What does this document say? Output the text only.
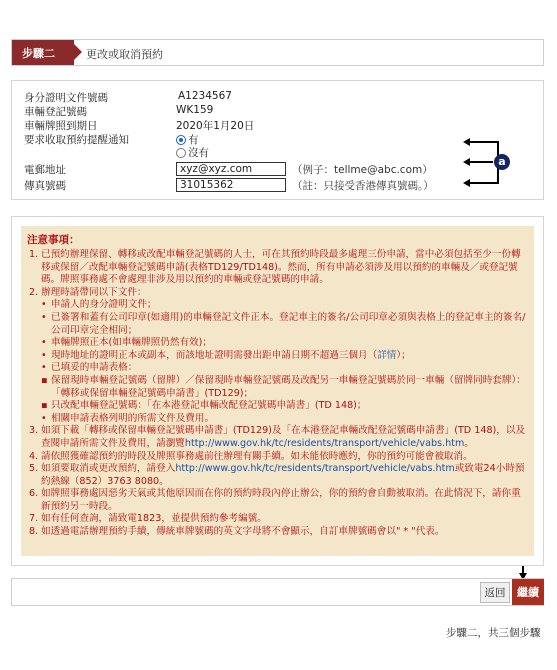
步驟二	更改或取消預約
身分證明文件號碼	A1234567
車輛登記號碼	WK159
車輛牌照到期日	2020年1月20日
要求收取預約提醒通知	有
沒有
電郵地址	xyz@xyz.com	（例子：tellme@abc.com）
傳真號碼	31015362	（註：只接受香港傳真號碼。）
a
注意事項：
1. 已預約辦理保留、轉移或改配車輛登記號碼的人士，可在其預約時段最多處理三份申請，當中必須包括至少一份轉移或保留／改配車輛登記號碼申請(表格TD129/TD148)。然而，所有申請必須涉及用以預約的車輛及／或登記號碼。牌照事務處不會處理非涉及用以預約的車輛或登記號碼的申請。
2. 辦理時請帶同以下文件：
• 申請人的身分證明文件；
• 已簽署和蓋有公司印章(如適用)的車輛登記文件正本。登記車主的簽名/公司印章必須與表格上的登記車主的簽名/公司印章完全相同；
• 車輛牌照正本(如車輛牌照仍然有效)；
• 現時地址的證明正本或副本，而該地址證明需發出距申請日期不超過三個月（詳情）；
• 已填妥的申請表格：
▪ 保留現時車輛登記號碼（留牌）／保留現時車輛登記號碼及改配另一車輛登記號碼於同一車輛（留牌同時套牌）：「轉移或保留車輛登記號碼申請書」(TD129)；
▪ 只改配車輛登記號碼：「在本港登記車輛改配登記號碼申請書」(TD 148)；
• 相關申請表格列明的所需文件及費用。
3. 如須下載「轉移或保留車輛登記號碼申請書」(TD129)及「在本港登記車輛改配登記號碼申請書」(TD 148)，以及查閱申請所需文件及費用，請瀏覽http://www.gov.hk/tc/residents/transport/vehicle/vabs.htm。
4. 請依照獲確認預約的時段及牌照事務處前往辦理有關手續。如未能依時應約，你的預約可能會被取消。
5. 如須要取消或更改預約，請登入http://www.gov.hk/tc/residents/transport/vehicle/vabs.htm或致電24小時預約熱線（852）3763 8080。
6. 如牌照事務處因惡劣天氣或其他原因而在你的預約時段內停止辦公，你的預約會自動被取消。在此情況下，請你重新預約另一時段。
7. 如有任何查詢，請致電1823，並提供預約參考編號。
8. 如透過電話辦理預約手續，傳統車牌號碼的英文字母將不會顯示，自訂車牌號碼會以" * "代表。
返回	繼續
步驟二，共三個步驟
